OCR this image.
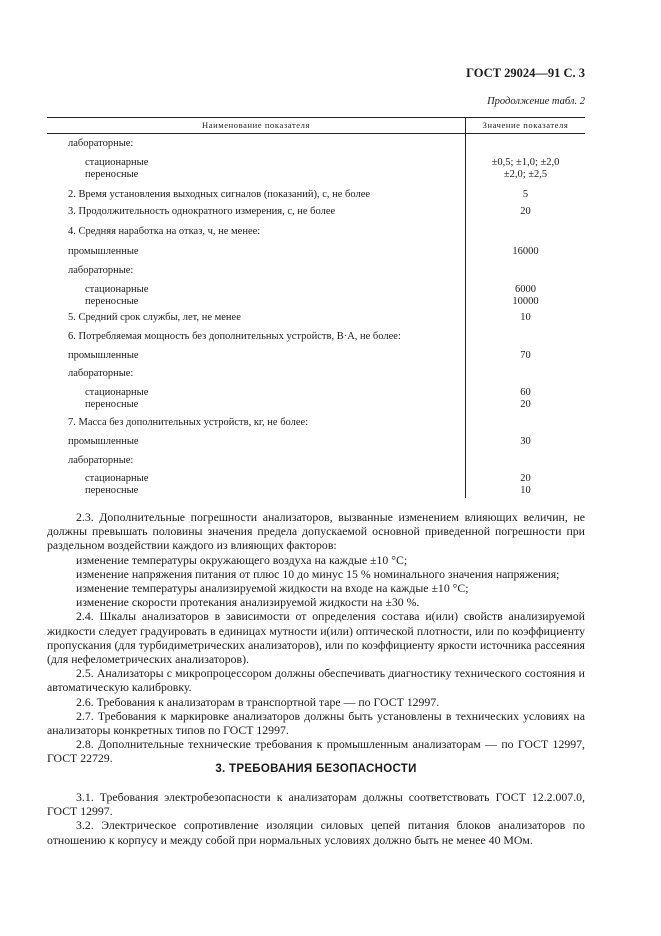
ГОСТ 29024—91 С. 3
Продолжение табл. 2
Наименование показателя	Значение показателя
лабораторные:
стационарные	±0,5; ±1,0; ±2,0
переносные	±2,0; ±2,5
2. Время установления выходных сигналов (показаний), с, не более	5
3. Продолжительность однократного измерения, с, не более	20
4. Средняя наработка на отказ, ч, не менее:
промышленные	16000
лабораторные:
стационарные	6000
переносные	10000
5. Средний срок службы, лет, не менее	10
6. Потребляемая мощность без дополнительных устройств, В·А, не более:
промышленные	70
лабораторные:
стационарные	60
переносные	20
7. Масса без дополнительных устройств, кг, не более:
промышленные	30
лабораторные:
стационарные	20
переносные	10

2.3. Дополнительные погрешности анализаторов, вызванные изменением влияющих величин, не должны превышать половины значения предела допускаемой основной приведенной погрешности при раздельном воздействии каждого из влияющих факторов:

изменение температуры окружающего воздуха на каждые ±10 °С;

изменение напряжения питания от плюс 10 до минус 15 % номинального значения напряжения;

изменение температуры анализируемой жидкости на входе на каждые ±10 °С;

изменение скорости протекания анализируемой жидкости на ±30 %.

2.4. Шкалы анализаторов в зависимости от определения состава и(или) свойств анализируемой жидкости следует градуировать в единицах мутности и(или) оптической плотности, или по коэффициенту пропускания (для турбидиметрических анализаторов), или по коэффициенту яркости источника рассеяния (для нефелометрических анализаторов).

2.5. Анализаторы с микропроцессором должны обеспечивать диагностику технического состояния и автоматическую калибровку.

2.6. Требования к анализаторам в транспортной таре — по ГОСТ 12997.

2.7. Требования к маркировке анализаторов должны быть установлены в технических условиях на анализаторы конкретных типов по ГОСТ 12997.

2.8. Дополнительные технические требования к промышленным анализаторам — по ГОСТ 12997, ГОСТ 22729.

3. ТРЕБОВАНИЯ БЕЗОПАСНОСТИ

3.1. Требования электробезопасности к анализаторам должны соответствовать ГОСТ 12.2.007.0, ГОСТ 12997.

3.2. Электрическое сопротивление изоляции силовых цепей питания блоков анализаторов по отношению к корпусу и между собой при нормальных условиях должно быть не менее 40 МОм.
